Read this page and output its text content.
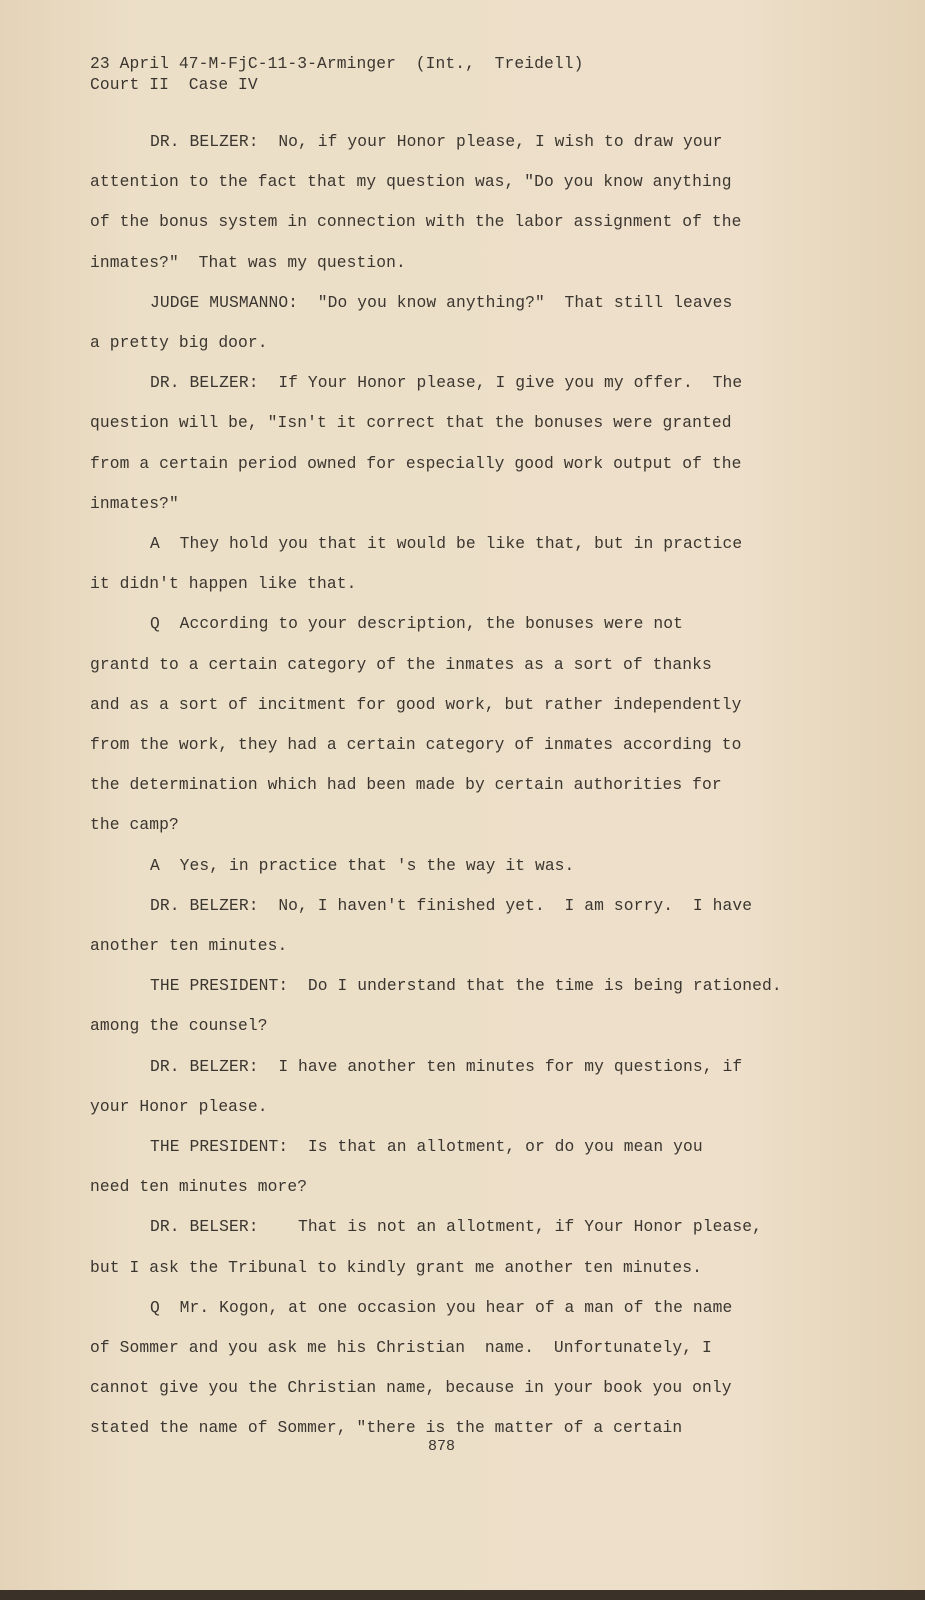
23 April 47-M-FjC-11-3-Arminger  (Int.,  Treidell)
Court II  Case IV
DR. BELZER:  No, if your Honor please, I wish to draw your
attention to the fact that my question was, "Do you know anything
of the bonus system in connection with the labor assignment of the
inmates?"  That was my question.
JUDGE MUSMANNO:  "Do you know anything?"  That still leaves
a pretty big door.
DR. BELZER:  If Your Honor please, I give you my offer.  The
question will be, "Isn't it correct that the bonuses were granted
from a certain period owned for especially good work output of the
inmates?"
A  They hold you that it would be like that, but in practice
it didn't happen like that.
Q  According to your description, the bonuses were not
grantd to a certain category of the inmates as a sort of thanks
and as a sort of incitment for good work, but rather independently
from the work, they had a certain category of inmates according to
the determination which had been made by certain authorities for
the camp?
A  Yes, in practice that 's the way it was.
DR. BELZER:  No, I haven't finished yet.  I am sorry.  I have
another ten minutes.
THE PRESIDENT:  Do I understand that the time is being rationed.
among the counsel?
DR. BELZER:  I have another ten minutes for my questions, if
your Honor please.
THE PRESIDENT:  Is that an allotment, or do you mean you
need ten minutes more?
DR. BELSER:    That is not an allotment, if Your Honor please,
but I ask the Tribunal to kindly grant me another ten minutes.
Q  Mr. Kogon, at one occasion you hear of a man of the name
of Sommer and you ask me his Christian  name.  Unfortunately, I
cannot give you the Christian name, because in your book you only
stated the name of Sommer, "there is the matter of a certain
878
